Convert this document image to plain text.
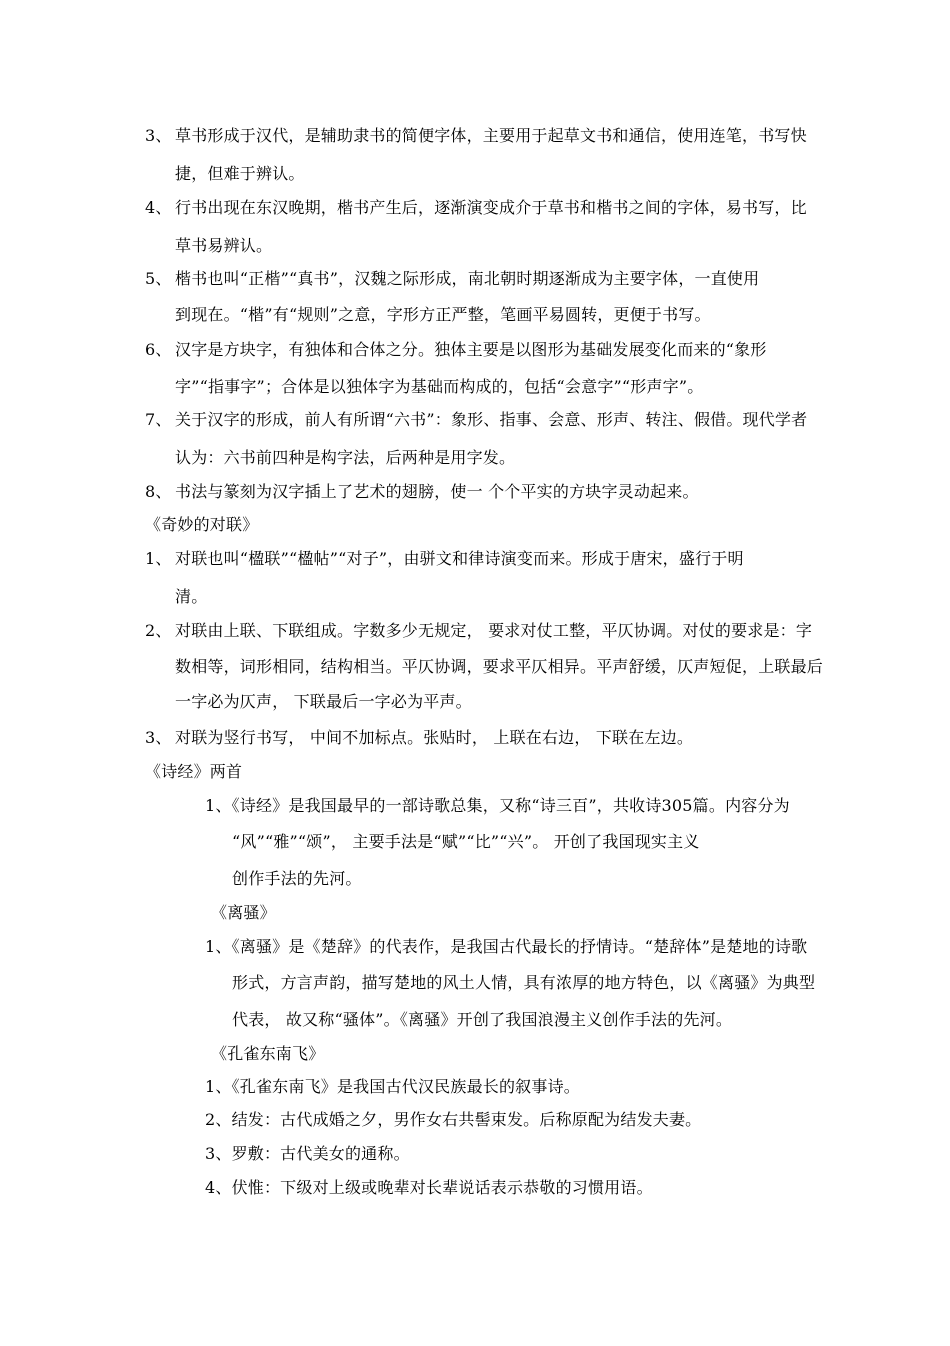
3、 草书形成于汉代，是辅助隶书的简便字体，主要用于起草文书和通信，使用连笔，书写快
捷，但难于辨认。
4、 行书出现在东汉晚期，楷书产生后，逐渐演变成介于草书和楷书之间的字体，易书写，比
草书易辨认。
5、 楷书也叫“正楷”“真书”，汉魏之际形成，南北朝时期逐渐成为主要字体，一直使用
到现在。“楷”有“规则”之意，字形方正严整，笔画平易圆转，更便于书写。
6、 汉字是方块字，有独体和合体之分。独体主要是以图形为基础发展变化而来的“象形
字”“指事字”；合体是以独体字为基础而构成的，包括“会意字”“形声字”。
7、 关于汉字的形成，前人有所谓“六书”：象形、指事、会意、形声、转注、假借。现代学者
认为：六书前四种是构字法，后两种是用字发。
8、 书法与篆刻为汉字插上了艺术的翅膀，使一 个个平实的方块字灵动起来。
《奇妙的对联》
1、 对联也叫“楹联”“楹帖”“对子”，由骈文和律诗演变而来。形成于唐宋，盛行于明
清。
2、 对联由上联、下联组成。字数多少无规定， 要求对仗工整，平仄协调。对仗的要求是：字
数相等，词形相同，结构相当。平仄协调，要求平仄相异。平声舒缓，仄声短促，上联最后
一字必为仄声， 下联最后一字必为平声。
3、 对联为竖行书写， 中间不加标点。张贴时， 上联在右边， 下联在左边。
《诗经》两首
1、《诗经》是我国最早的一部诗歌总集，又称“诗三百”，共收诗305篇。内容分为
“风”“雅”“颂”， 主要手法是“赋”“比”“兴”。 开创了我国现实主义
创作手法的先河。
《离骚》
1、《离骚》是《楚辞》的代表作，是我国古代最长的抒情诗。“楚辞体”是楚地的诗歌
形式，方言声韵，描写楚地的风土人情，具有浓厚的地方特色，以《离骚》为典型
代表， 故又称“骚体”。《离骚》开创了我国浪漫主义创作手法的先河。
《孔雀东南飞》
1、《孔雀东南飞》是我国古代汉民族最长的叙事诗。
2、结发：古代成婚之夕，男作女右共髻束发。后称原配为结发夫妻。
3、罗敷：古代美女的通称。
4、伏惟：下级对上级或晚辈对长辈说话表示恭敬的习惯用语。
